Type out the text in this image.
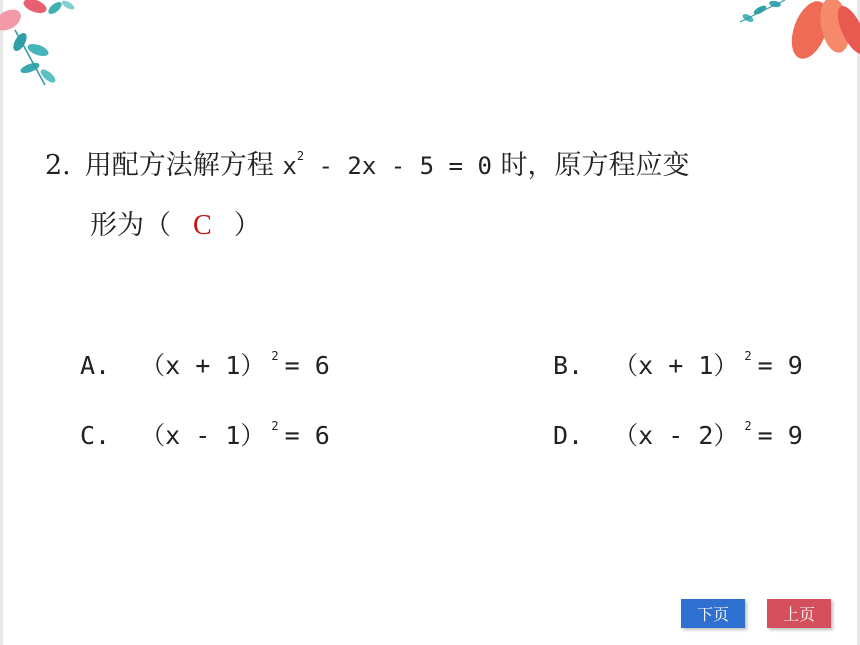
2. 用配方法解方程 $x^2 - 2x - 5 = 0$ 时，原方程应变
形为（ C ）
A. （x + 1） $^2$ = 6	B. （x + 1） $^2$ = 9
C. （x - 1） $^2$ = 6	D. （x - 2） $^2$ = 9
下页	上页
